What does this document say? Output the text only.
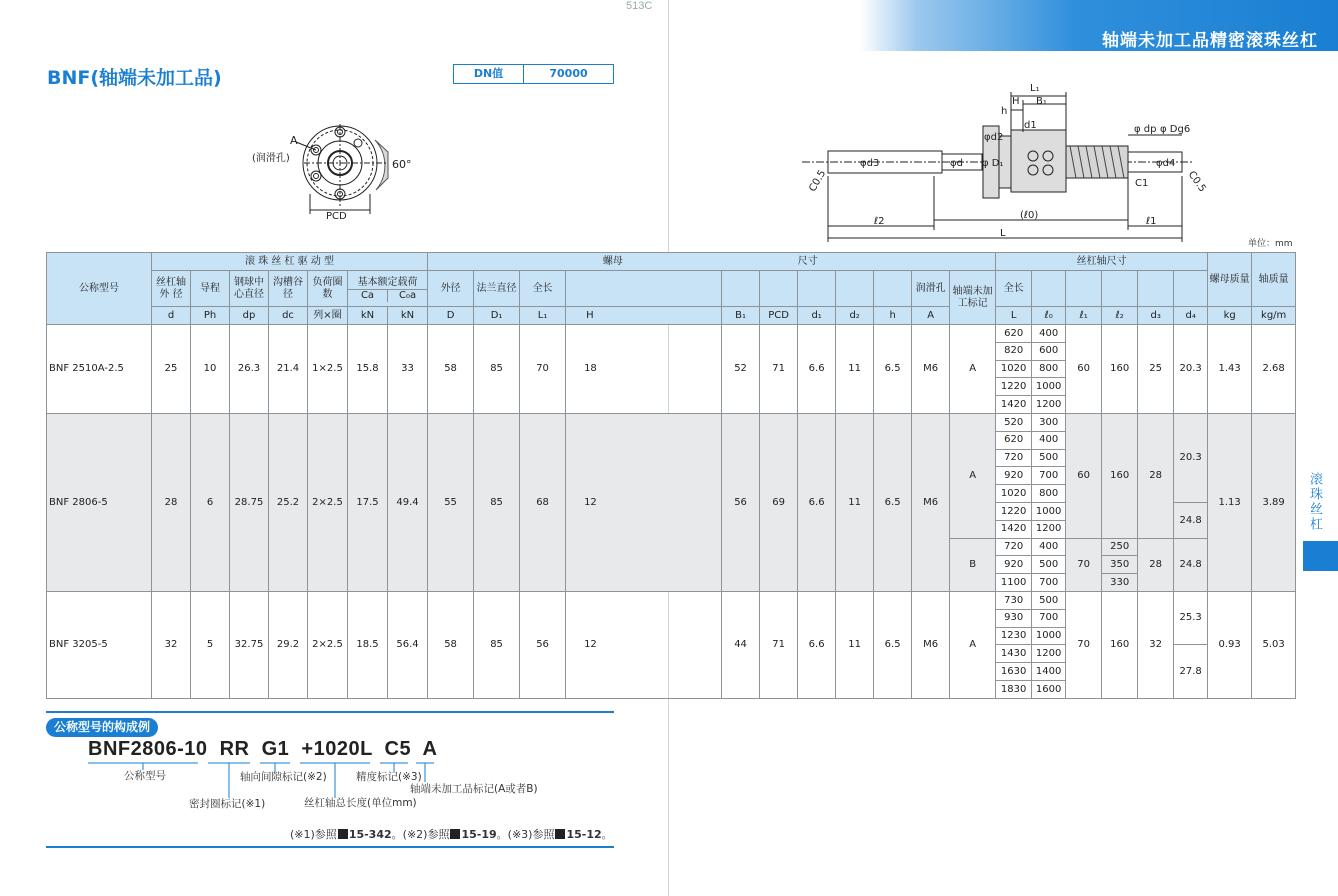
513C
轴端未加工品精密滚珠丝杠
BNF(轴端未加工品)	DN值	70000
A
(润滑孔)	60°
PCD
L₁
H B₁
h
d1
φd2
φd3	φd φ D₁
φ dp φ Dg6
φd4
C1
C0.5	C0.5
ℓ2
(ℓ0)
ℓ1
L
单位：mm
公称型号	滚 珠 丝 杠 驱 动 型							螺母						尺寸					丝杠轴尺寸						螺母质量	轴质量
	丝杠轴外 径	导程	钢球中心直径	沟槽谷径	负荷圈数	基本额定载荷
Ca C₀a		外径	法兰直径	全长							润滑孔	轴端未加工标记	全长							
	d	Ph	dp	dc	列×圈	kN	kN	D	D₁	L₁	H	B₁	PCD	d₁	d₂	h	A		L	ℓ₀	ℓ₁	ℓ₂	d₃	d₄	kg	kg/m
BNF 2510A-2.5	25	10	26.3	21.4	1×2.5	15.8	33	58	85	70	18	52	71	6.6	11	6.5	M6	A	620	400	60	160	25	20.3	1.43	2.68
																			820	600						
																			1020	800						
																			1220	1000						
																			1420	1200						
BNF 2806-5	28	6	28.75	25.2	2×2.5	17.5	49.4	55	85	68	12	56	69	6.6	11	6.5	M6	A	520	300	60	160	28	20.3	1.13	3.89
																			620	400						
																			720	500						
																			920	700						
																			1020	800						
																			1220	1000				24.8		
																			1420	1200						
																		B	720	400	70	250	28	24.8		
																			920	500		350				
																			1100	700		330				
BNF 3205-5	32	5	32.75	29.2	2×2.5	18.5	56.4	58	85	56	12	44	71	6.6	11	6.5	M6	A	730	500	70	160	32	25.3	0.93	5.03
																			930	700						
																			1230	1000						
																			1430	1200				27.8		
																			1630	1400						
																			1830	1600						
滚珠丝杠
公称型号的构成例
BNF2806-10  RR  G1  +1020L  C5  A
公称型号	轴向间隙标记(※2)	精度标记(※3)
轴端未加工品标记(A或者B)
密封圈标记(※1)	丝杠轴总长度(单位mm)
(※1)参照 15-342。(※2)参照 15-19。(※3)参照 15-12。
